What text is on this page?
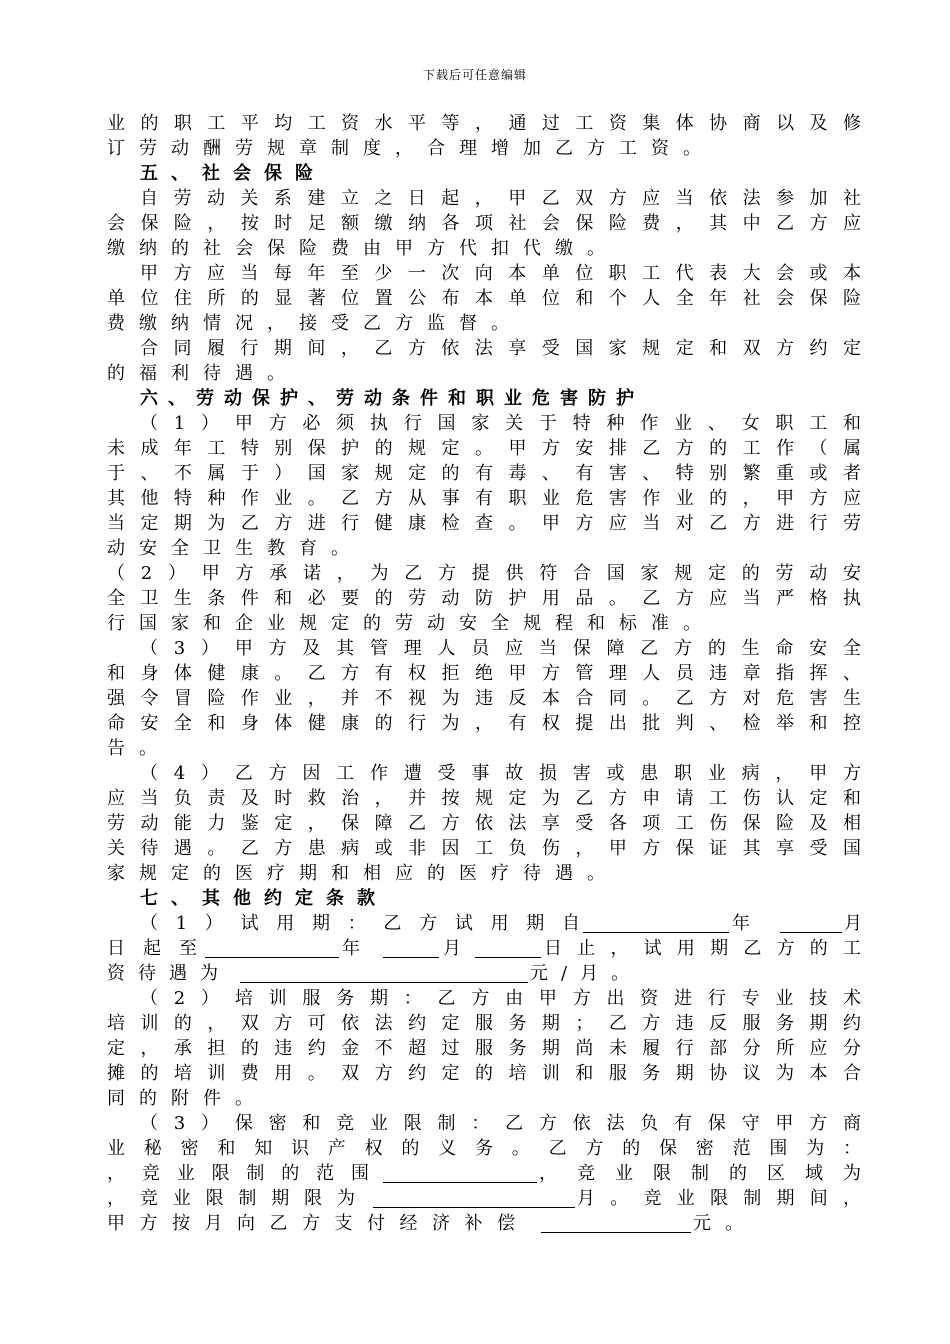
下载后可任意编辑
业的职工平均工资水平等，通过工资集体协商以及修
订劳动酬劳规章制度，合理增加乙方工资。
五、社会保险
自劳动关系建立之日起，甲乙双方应当依法参加社
会保险，按时足额缴纳各项社会保险费，其中乙方应
缴纳的社会保险费由甲方代扣代缴。
甲方应当每年至少一次向本单位职工代表大会或本
单位住所的显著位置公布本单位和个人全年社会保险
费缴纳情况，接受乙方监督。
合同履行期间，乙方依法享受国家规定和双方约定
的福利待遇。
六、劳动保护、劳动条件和职业危害防护
（1）甲方必须执行国家关于特种作业、女职工和
未成年工特别保护的规定。甲方安排乙方的工作（属
于、不属于）国家规定的有毒、有害、特别繁重或者
其他特种作业。乙方从事有职业危害作业的，甲方应
当定期为乙方进行健康检查。甲方应当对乙方进行劳
动安全卫生教育。
（2）甲方承诺，为乙方提供符合国家规定的劳动安
全卫生条件和必要的劳动防护用品。乙方应当严格执
行国家和企业规定的劳动安全规程和标准。
（3）甲方及其管理人员应当保障乙方的生命安全
和身体健康。乙方有权拒绝甲方管理人员违章指挥、
强令冒险作业，并不视为违反本合同。乙方对危害生
命安全和身体健康的行为，有权提出批判、检举和控
告。
（4）乙方因工作遭受事故损害或患职业病，甲方
应当负责及时救治，并按规定为乙方申请工伤认定和
劳动能力鉴定，保障乙方依法享受各项工伤保险及相
关待遇。乙方患病或非因工负伤，甲方保证其享受国
家规定的医疗期和相应的医疗待遇。
七、其他约定条款
（1）试用期：乙方试用期自	年	月
日起至	年	月	日止，试用期乙方的工
资待遇为	元/月。
（2）培训服务期：乙方由甲方出资进行专业技术
培训的，双方可依法约定服务期；乙方违反服务期约
定，承担的违约金不超过服务期尚未履行部分所应分
摊的培训费用。双方约定的培训和服务期协议为本合
同的附件。
（3）保密和竞业限制：乙方依法负有保守甲方商
业秘密和知识产权的义务。乙方的保密范围为：
，竞业限制的范围	，竞业限制的区域为
，竞业限制期限为	月。竞业限制期间，
甲方按月向乙方支付经济补偿	元。
